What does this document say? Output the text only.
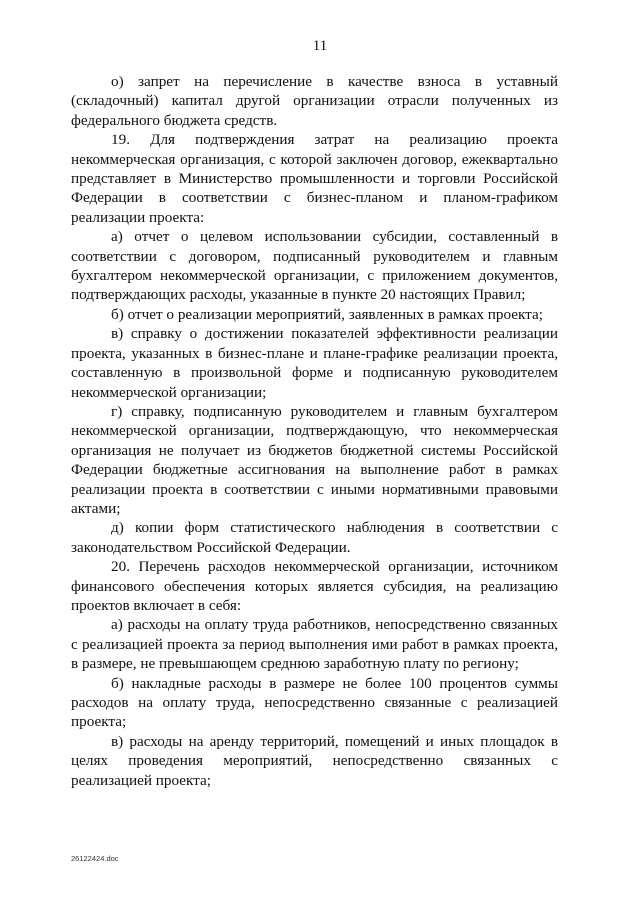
11

о) запрет на перечисление в качестве взноса в уставный (складочный) капитал другой организации отрасли полученных из федерального бюджета средств.

19. Для подтверждения затрат на реализацию проекта некоммерческая организация, с которой заключен договор, ежеквартально представляет в Министерство промышленности и торговли Российской Федерации в соответствии с бизнес-планом и планом-графиком реализации проекта:

а) отчет о целевом использовании субсидии, составленный в соответствии с договором, подписанный руководителем и главным бухгалтером некоммерческой организации, с приложением документов, подтверждающих расходы, указанные в пункте 20 настоящих Правил;

б) отчет о реализации мероприятий, заявленных в рамках проекта;

в) справку о достижении показателей эффективности реализации проекта, указанных в бизнес-плане и плане-графике реализации проекта, составленную в произвольной форме и подписанную руководителем некоммерческой организации;

г) справку, подписанную руководителем и главным бухгалтером некоммерческой организации, подтверждающую, что некоммерческая организация не получает из бюджетов бюджетной системы Российской Федерации бюджетные ассигнования на выполнение работ в рамках реализации проекта в соответствии с иными нормативными правовыми актами;

д) копии форм статистического наблюдения в соответствии с законодательством Российской Федерации.

20. Перечень расходов некоммерческой организации, источником финансового обеспечения которых является субсидия, на реализацию проектов включает в себя:

а) расходы на оплату труда работников, непосредственно связанных с реализацией проекта за период выполнения ими работ в рамках проекта, в размере, не превышающем среднюю заработную плату по региону;

б) накладные расходы в размере не более 100 процентов суммы расходов на оплату труда, непосредственно связанные с реализацией проекта;

в) расходы на аренду территорий, помещений и иных площадок в целях проведения мероприятий, непосредственно связанных с реализацией проекта;

26122424.doc
